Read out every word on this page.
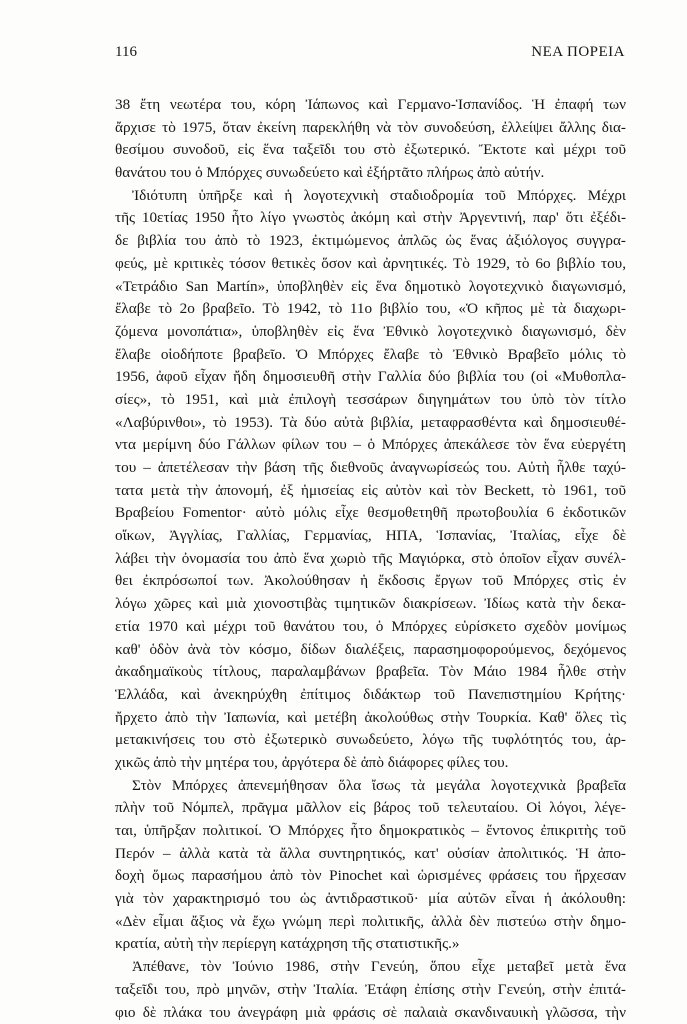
116	ΝΕΑ ΠΟΡΕΙΑ
38 ἔτη νεωτέρα του, κόρη Ἰάπωνος καὶ Γερμανο-Ἱσπανίδος. Ἡ ἐπαφή των
ἄρχισε τὸ 1975, ὅταν ἐκείνη παρεκλήθη νὰ τὸν συνοδεύση, ἐλλείψει ἄλλης δια-
θεσίμου συνοδοῦ, εἰς ἕνα ταξεῖδι του στὸ ἐξωτερικό. Ἔκτοτε καὶ μέχρι τοῦ
θανάτου του ὁ Μπόρχες συνωδεύετο καὶ ἐξήρτᾶτο πλήρως ἀπὸ αὐτήν.
Ἰδιότυπη ὑπῆρξε καὶ ἡ λογοτεχνικὴ σταδιοδρομία τοῦ Μπόρχες. Μέχρι
τῆς 10ετίας 1950 ἦτο λίγο γνωστὸς ἀκόμη καὶ στὴν Ἀργεντινή, παρ' ὅτι ἐξέδι-
δε βιβλία του ἀπὸ τὸ 1923, ἐκτιμώμενος ἁπλῶς ὡς ἕνας ἀξιόλογος συγγρα-
φεύς, μὲ κριτικὲς τόσον θετικὲς ὅσον καὶ ἀρνητικές. Τὸ 1929, τὸ 6ο βιβλίο του,
«Τετράδιο San Martín», ὑποβληθὲν εἰς ἕνα δημοτικὸ λογοτεχνικὸ διαγωνισμό,
ἔλαβε τὸ 2ο βραβεῖο. Τὸ 1942, τὸ 11ο βιβλίο του, «Ὁ κῆπος μὲ τὰ διαχωρι-
ζόμενα μονοπάτια», ὑποβληθὲν εἰς ἕνα Ἐθνικὸ λογοτεχνικὸ διαγωνισμό, δὲν
ἔλαβε οἱοδήποτε βραβεῖο. Ὁ Μπόρχες ἔλαβε τὸ Ἐθνικὸ Βραβεῖο μόλις τὸ
1956, ἀφοῦ εἶχαν ἤδη δημοσιευθῆ στὴν Γαλλία δύο βιβλία του (οἱ «Μυθοπλα-
σίες», τὸ 1951, καὶ μιὰ ἐπιλογὴ τεσσάρων διηγημάτων του ὑπὸ τὸν τίτλο
«Λαβύρινθοι», τὸ 1953). Τὰ δύο αὐτὰ βιβλία, μεταφρασθέντα καὶ δημοσιευθέ-
ντα μερίμνη δύο Γάλλων φίλων του – ὁ Μπόρχες ἀπεκάλεσε τὸν ἕνα εὐεργέτη
του – ἀπετέλεσαν τὴν βάση τῆς διεθνοῦς ἀναγνωρίσεώς του. Αὐτὴ ἦλθε ταχύ-
τατα μετὰ τὴν ἀπονομή, ἐξ ἡμισείας εἰς αὐτὸν καὶ τὸν Beckett, τὸ 1961, τοῦ
Βραβείου Fomentor· αὐτὸ μόλις εἶχε θεσμοθετηθῆ πρωτοβουλία 6 ἐκδοτικῶν
οἴκων, Ἀγγλίας, Γαλλίας, Γερμανίας, ΗΠΑ, Ἱσπανίας, Ἰταλίας, εἶχε δὲ
λάβει τὴν ὀνομασία του ἀπὸ ἕνα χωριὸ τῆς Μαγιόρκα, στὸ ὁποῖον εἶχαν συνέλ-
θει ἐκπρόσωποί των. Ἀκολούθησαν ἡ ἔκδοσις ἔργων τοῦ Μπόρχες στὶς ἐν
λόγω χῶρες καὶ μιὰ χιονοστιβὰς τιμητικῶν διακρίσεων. Ἰδίως κατὰ τὴν δεκα-
ετία 1970 καὶ μέχρι τοῦ θανάτου του, ὁ Μπόρχες εὑρίσκετο σχεδὸν μονίμως
καθ' ὁδὸν ἀνὰ τὸν κόσμο, δίδων διαλέξεις, παρασημοφορούμενος, δεχόμενος
ἀκαδημαϊκοὺς τίτλους, παραλαμβάνων βραβεῖα. Τὸν Μάιο 1984 ἦλθε στὴν
Ἑλλάδα, καὶ ἀνεκηρύχθη ἐπίτιμος διδάκτωρ τοῦ Πανεπιστημίου Κρήτης·
ἤρχετο ἀπὸ τὴν Ἰαπωνία, καὶ μετέβη ἀκολούθως στὴν Τουρκία. Καθ' ὅλες τὶς
μετακινήσεις του στὸ ἐξωτερικὸ συνωδεύετο, λόγω τῆς τυφλότητός του, ἀρ-
χικῶς ἀπὸ τὴν μητέρα του, ἀργότερα δὲ ἀπὸ διάφορες φίλες του.
Στὸν Μπόρχες ἀπενεμήθησαν ὅλα ἴσως τὰ μεγάλα λογοτεχνικὰ βραβεῖα
πλὴν τοῦ Νόμπελ, πρᾶγμα μᾶλλον εἰς βάρος τοῦ τελευταίου. Οἱ λόγοι, λέγε-
ται, ὑπῆρξαν πολιτικοί. Ὁ Μπόρχες ἦτο δημοκρατικὸς – ἔντονος ἐπικριτὴς τοῦ
Περόν – ἀλλὰ κατὰ τὰ ἄλλα συντηρητικός, κατ' οὐσίαν ἀπολιτικός. Ἡ ἀπο-
δοχὴ ὅμως παρασήμου ἀπὸ τὸν Pinochet καὶ ὡρισμένες φράσεις του ἤρχεσαν
γιὰ τὸν χαρακτηρισμό του ὡς ἀντιδραστικοῦ· μία αὐτῶν εἶναι ἡ ἀκόλουθη:
«Δὲν εἶμαι ἄξιος νὰ ἔχω γνώμη περὶ πολιτικῆς, ἀλλὰ δὲν πιστεύω στὴν δημο-
κρατία, αὐτὴ τὴν περίεργη κατάχρηση τῆς στατιστικῆς.»
Ἀπέθανε, τὸν Ἰούνιο 1986, στὴν Γενεύη, ὅπου εἶχε μεταβεῖ μετὰ ἕνα
ταξεῖδι του, πρὸ μηνῶν, στὴν Ἰταλία. Ἐτάφη ἐπίσης στὴν Γενεύη, στὴν ἐπιτά-
φιο δὲ πλάκα του ἀνεγράφη μιὰ φράσις σὲ παλαιὰ σκανδιναυικὴ γλῶσσα, τὴν
